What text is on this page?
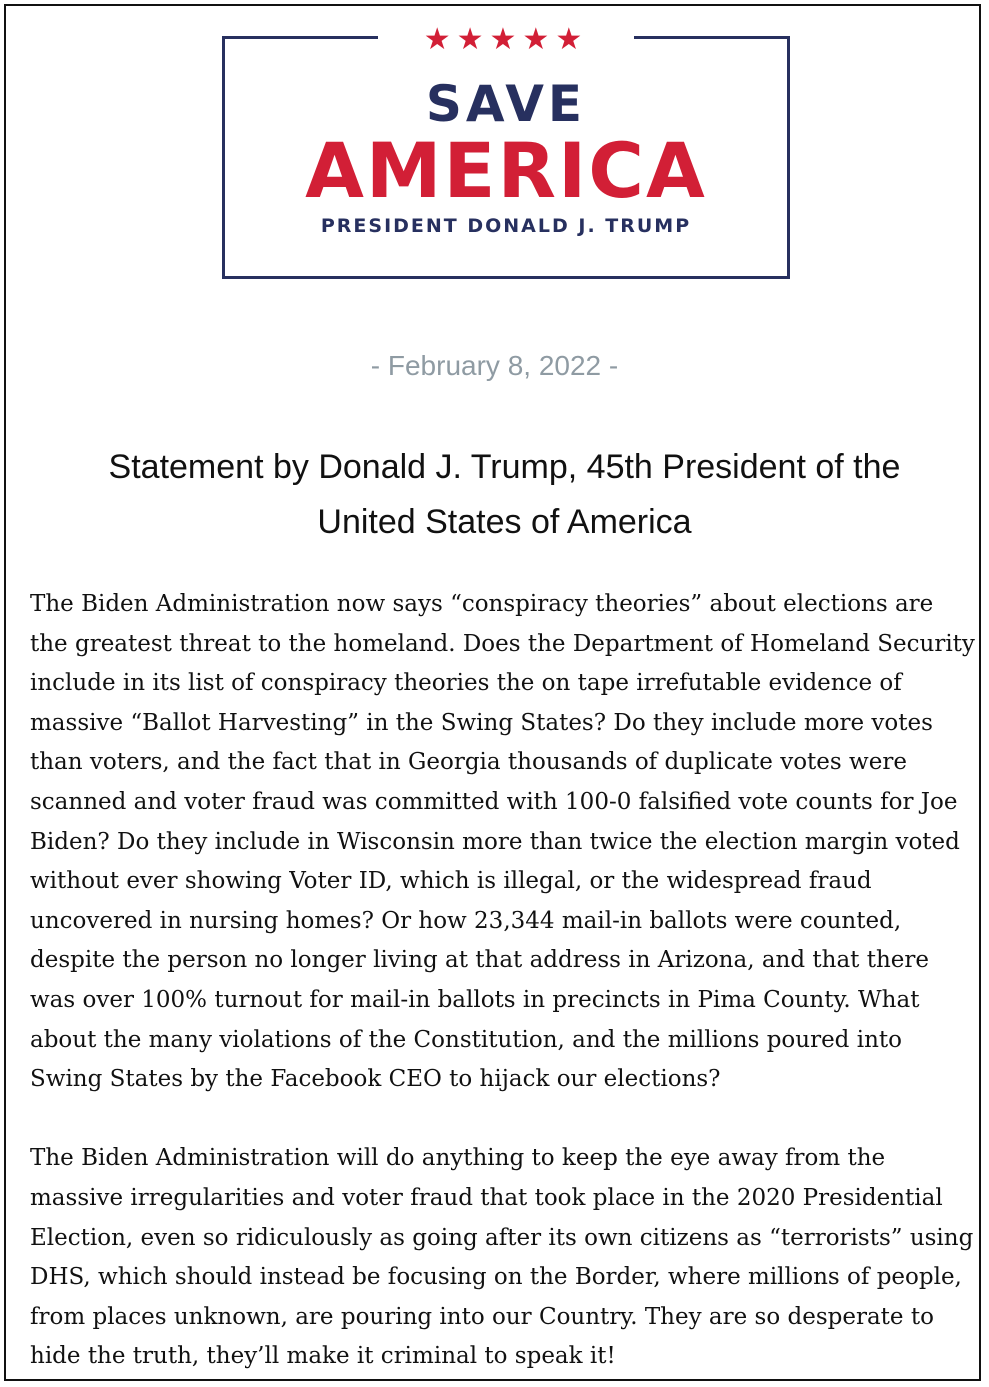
★★★★★
SAVE
AMERICA
PRESIDENT DONALD J. TRUMP
- February 8, 2022 -
Statement by Donald J. Trump, 45th President of the United States of America

The Biden Administration now says “conspiracy theories” about elections are the greatest threat to the homeland. Does the Department of Homeland Security include in its list of conspiracy theories the on tape irrefutable evidence of massive “Ballot Harvesting” in the Swing States? Do they include more votes than voters, and the fact that in Georgia thousands of duplicate votes were scanned and voter fraud was committed with 100-0 falsified vote counts for Joe Biden? Do they include in Wisconsin more than twice the election margin voted without ever showing Voter ID, which is illegal, or the widespread fraud uncovered in nursing homes? Or how 23,344 mail-in ballots were counted, despite the person no longer living at that address in Arizona, and that there was over 100% turnout for mail-in ballots in precincts in Pima County. What about the many violations of the Constitution, and the millions poured into Swing States by the Facebook CEO to hijack our elections?

The Biden Administration will do anything to keep the eye away from the massive irregularities and voter fraud that took place in the 2020 Presidential Election, even so ridiculously as going after its own citizens as “terrorists” using DHS, which should instead be focusing on the Border, where millions of people, from places unknown, are pouring into our Country. They are so desperate to hide the truth, they’ll make it criminal to speak it!
